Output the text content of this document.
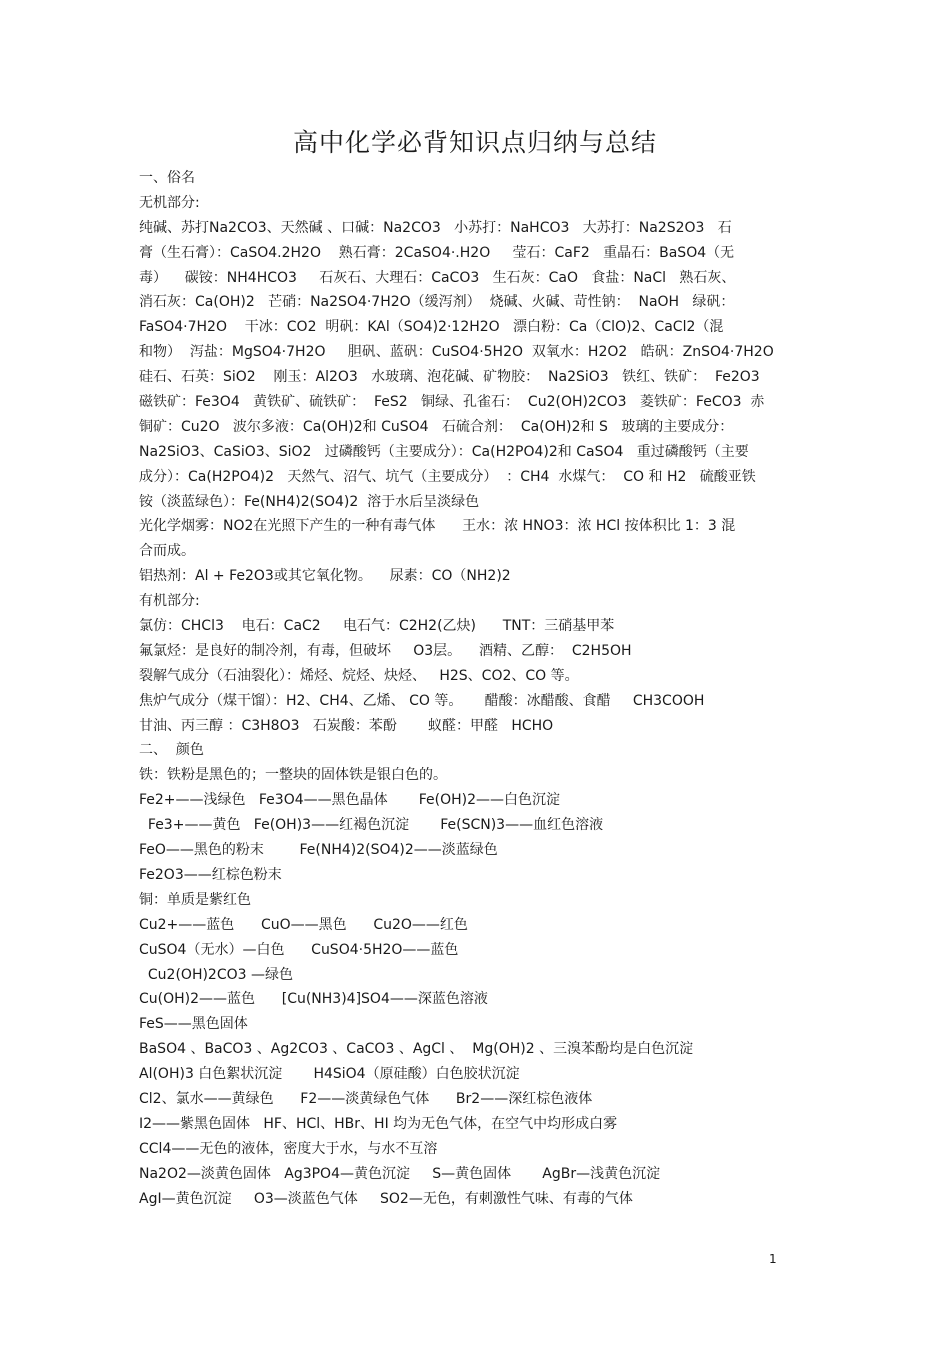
高中化学必背知识点归纳与总结
一、俗名
无机部分:
纯碱、苏打Na2CO3、天然碱 、口碱：Na2CO3   小苏打：NaHCO3   大苏打：Na2S2O3   石
膏（生石膏）：CaSO4.2H2O    熟石膏：2CaSO4·.H2O     莹石：CaF2   重晶石：BaSO4（无
毒）    碳铵：NH4HCO3     石灰石、大理石：CaCO3   生石灰：CaO   食盐：NaCl   熟石灰、
消石灰：Ca(OH)2   芒硝：Na2SO4·7H2O（缓泻剂）  烧碱、火碱、苛性钠：  NaOH   绿矾：
FaSO4·7H2O    干冰：CO2  明矾：KAl（SO4)2·12H2O   漂白粉：Ca（ClO)2、CaCl2（混
和物）  泻盐：MgSO4·7H2O     胆矾、蓝矾：CuSO4·5H2O  双氧水：H2O2   皓矾：ZnSO4·7H2O
硅石、石英：SiO2    刚玉：Al2O3   水玻璃、泡花碱、矿物胶：  Na2SiO3   铁红、铁矿：  Fe2O3
磁铁矿：Fe3O4   黄铁矿、硫铁矿：  FeS2   铜绿、孔雀石：  Cu2(OH)2CO3   菱铁矿：FeCO3  赤
铜矿：Cu2O   波尔多液：Ca(OH)2和 CuSO4   石硫合剂：  Ca(OH)2和 S   玻璃的主要成分：
Na2SiO3、CaSiO3、SiO2   过磷酸钙（主要成分）：Ca(H2PO4)2和 CaSO4   重过磷酸钙（主要
成分）：Ca(H2PO4)2   天然气、沼气、坑气（主要成分）  ：CH4  水煤气：  CO 和 H2   硫酸亚铁
铵（淡蓝绿色）：Fe(NH4)2(SO4)2  溶于水后呈淡绿色
光化学烟雾：NO2在光照下产生的一种有毒气体      王水：浓 HNO3：浓 HCl 按体积比 1：3 混
合而成。
铝热剂：Al + Fe2O3或其它氧化物。    尿素：CO（NH2)2
有机部分:
氯仿：CHCl3    电石：CaC2     电石气：C2H2(乙炔)      TNT：三硝基甲苯
氟氯烃：是良好的制冷剂，有毒，但破坏     O3层。    酒精、乙醇：  C2H5OH
裂解气成分（石油裂化）：烯烃、烷烃、炔烃、   H2S、CO2、CO 等。
焦炉气成分（煤干馏）：H2、CH4、乙烯、 CO 等。     醋酸：冰醋酸、食醋     CH3COOH
甘油、丙三醇 ：C3H8O3   石炭酸：苯酚       蚁醛：甲醛   HCHO
二、  颜色
铁：铁粉是黑色的；一整块的固体铁是银白色的。
Fe2+——浅绿色   Fe3O4——黑色晶体       Fe(OH)2——白色沉淀
Fe3+——黄色   Fe(OH)3——红褐色沉淀       Fe(SCN)3——血红色溶液
FeO——黑色的粉末        Fe(NH4)2(SO4)2——淡蓝绿色
Fe2O3——红棕色粉末
铜：单质是紫红色
Cu2+——蓝色      CuO——黑色      Cu2O——红色
CuSO4（无水）—白色      CuSO4·5H2O——蓝色
Cu2(OH)2CO3 —绿色
Cu(OH)2——蓝色      [Cu(NH3)4]SO4——深蓝色溶液
FeS——黑色固体
BaSO4 、BaCO3 、Ag2CO3 、CaCO3 、AgCl 、  Mg(OH)2 、三溴苯酚均是白色沉淀
Al(OH)3 白色絮状沉淀       H4SiO4（原硅酸）白色胶状沉淀
Cl2、氯水——黄绿色      F2——淡黄绿色气体      Br2——深红棕色液体
I2——紫黑色固体   HF、HCl、HBr、HI 均为无色气体，在空气中均形成白雾
CCl4——无色的液体，密度大于水，与水不互溶
Na2O2—淡黄色固体   Ag3PO4—黄色沉淀     S—黄色固体       AgBr—浅黄色沉淀
AgI—黄色沉淀     O3—淡蓝色气体     SO2—无色，有刺激性气味、有毒的气体
1
